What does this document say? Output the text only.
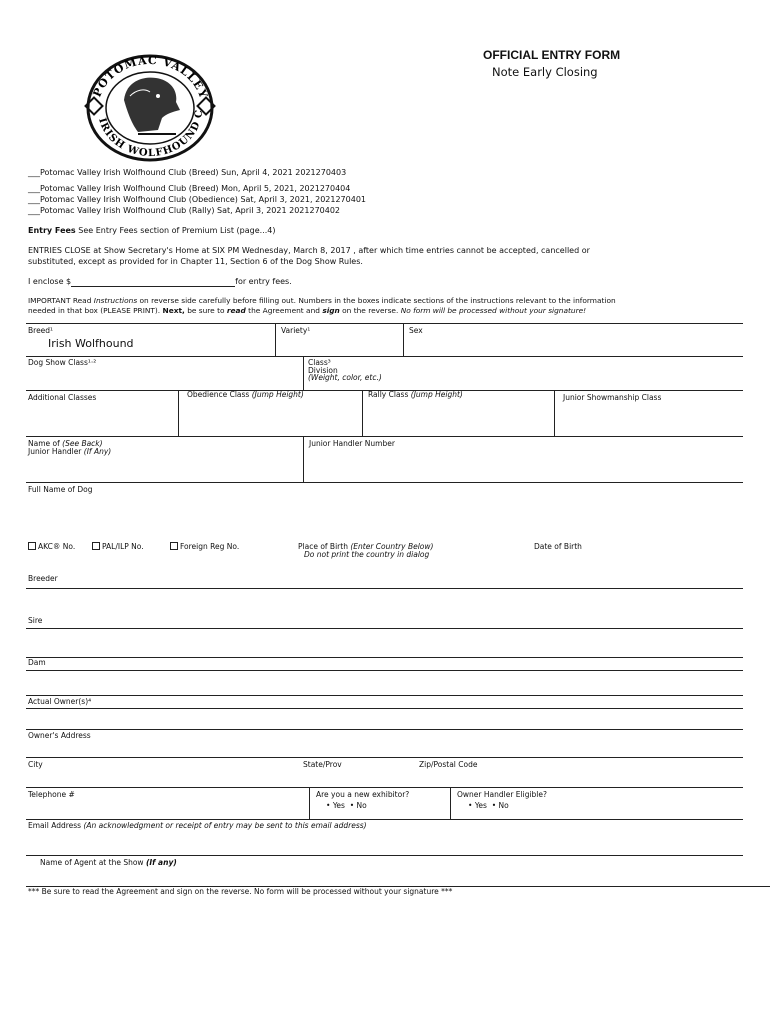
OFFICIAL ENTRY FORM
Note Early Closing
POTOMAC VALLEY
IRISH WOLFHOUND C
___Potomac Valley Irish Wolfhound Club (Breed) Sun, April 4, 2021 2021270403
___Potomac Valley Irish Wolfhound Club (Breed) Mon, April 5, 2021, 2021270404
___Potomac Valley Irish Wolfhound Club (Obedience) Sat, April 3, 2021, 2021270401
___Potomac Valley Irish Wolfhound Club (Rally) Sat, April 3, 2021 2021270402
Entry Fees See Entry Fees section of Premium List (page...4)
ENTRIES CLOSE at Show Secretary's Home at SIX PM Wednesday, March 8, 2017 , after which time entries cannot be accepted, cancelled or
substituted, except as provided for in Chapter 11, Section 6 of the Dog Show Rules.
I enclose $	for entry fees.
IMPORTANT Read Instructions on reverse side carefully before filling out. Numbers in the boxes indicate sections of the instructions relevant to the information
needed in that box (PLEASE PRINT). Next, be sure to read the Agreement and sign on the reverse. No form will be processed without your signature!
Breed¹
Irish Wolfhound
Variety¹	Sex
Dog Show Class¹·²	Class³
Division
(Weight, color, etc.)
Additional Classes	Obedience Class (Jump Height)	Rally Class (Jump Height)	Junior Showmanship Class
Name of (See Back)
Junior Handler (If Any)
Junior Handler Number
Full Name of Dog
AKC® No.	PAL/ILP No.	Foreign Reg No.	Place of Birth (Enter Country Below)
Do not print the country in dialog
Date of Birth
Breeder
Sire
Dam
Actual Owner(s)⁴
Owner's Address
City	State/Prov	Zip/Postal Code
Telephone #	Are you a new exhibitor?
• Yes • No
Owner Handler Eligible?
• Yes • No
Email Address (An acknowledgment or receipt of entry may be sent to this email address)
Name of Agent at the Show (If any)
*** Be sure to read the Agreement and sign on the reverse. No form will be processed without your signature ***
